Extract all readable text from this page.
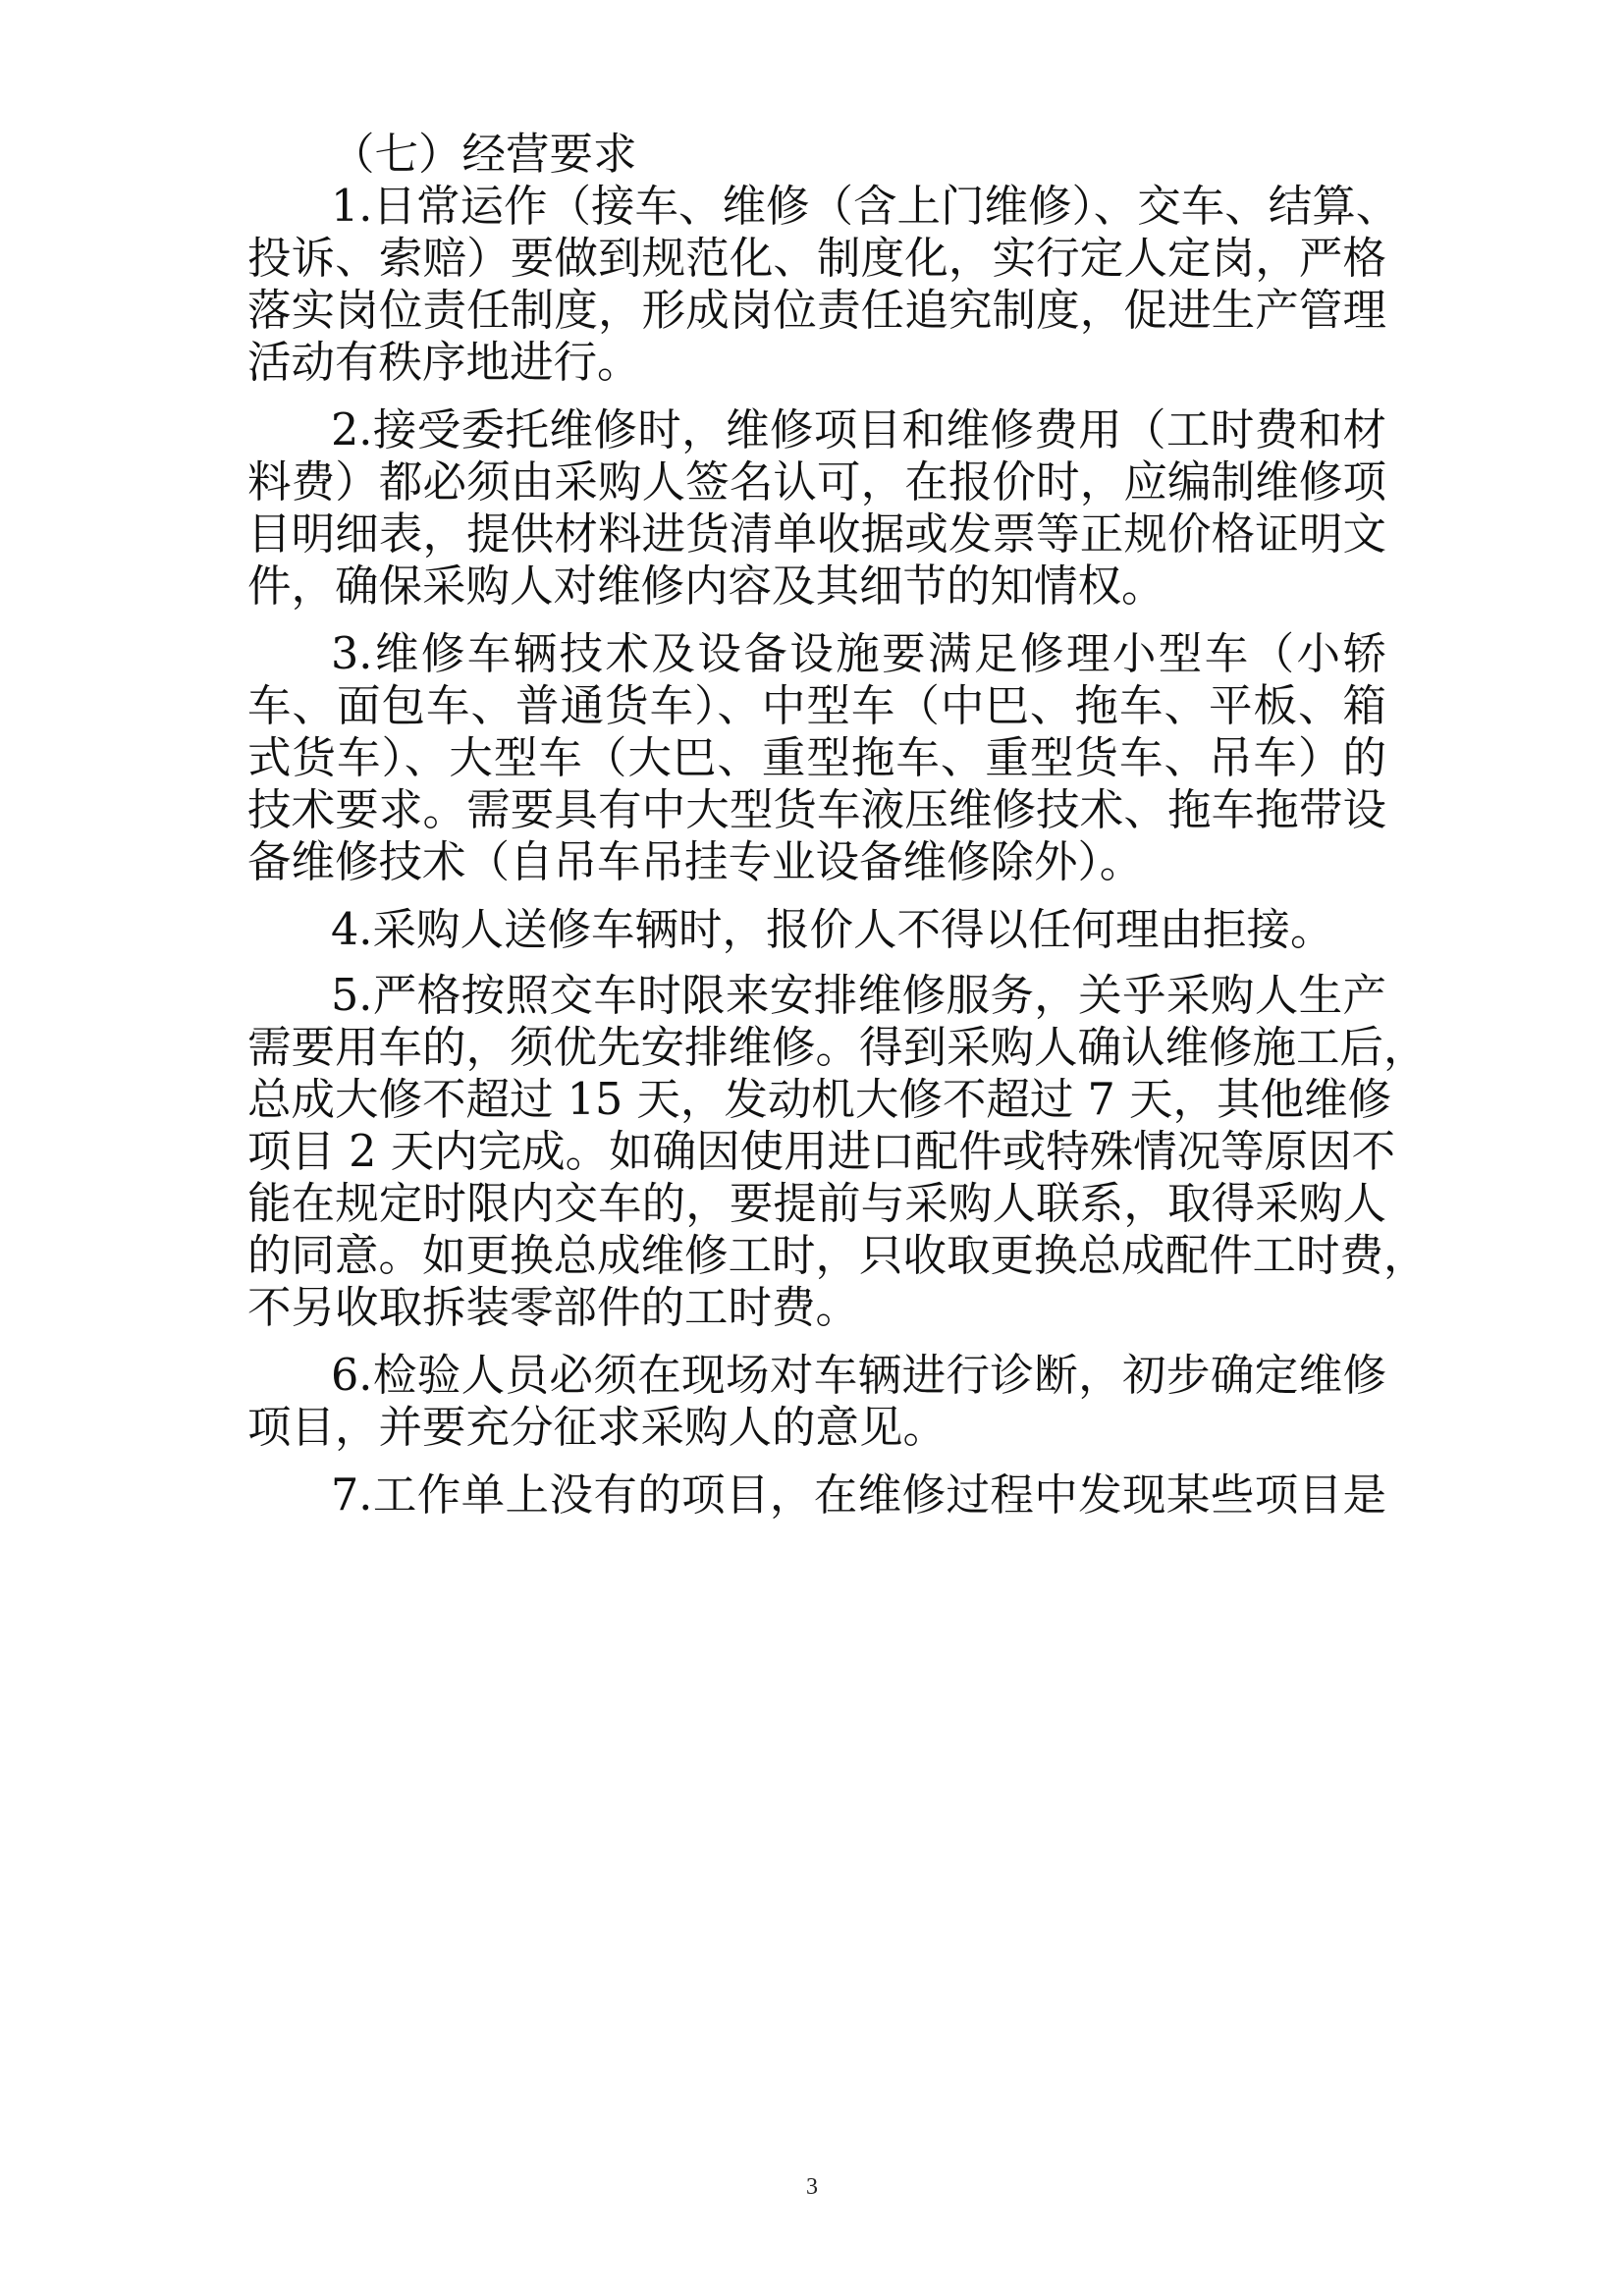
（七）经营要求
1.日常运作（接车、维修（含上门维修）、交车、结算、
投诉、索赔）要做到规范化、制度化，实行定人定岗，严格
落实岗位责任制度，形成岗位责任追究制度，促进生产管理
活动有秩序地进行。
2.接受委托维修时，维修项目和维修费用（工时费和材
料费）都必须由采购人签名认可，在报价时，应编制维修项
目明细表，提供材料进货清单收据或发票等正规价格证明文
件，确保采购人对维修内容及其细节的知情权。
3.维修车辆技术及设备设施要满足修理小型车（小轿
车、面包车、普通货车）、中型车（中巴、拖车、平板、箱
式货车）、大型车（大巴、重型拖车、重型货车、吊车）的
技术要求。需要具有中大型货车液压维修技术、拖车拖带设
备维修技术（自吊车吊挂专业设备维修除外）。
4.采购人送修车辆时，报价人不得以任何理由拒接。
5.严格按照交车时限来安排维修服务，关乎采购人生产
需要用车的，须优先安排维修。得到采购人确认维修施工后，
总成大修不超过 15 天，发动机大修不超过 7 天，其他维修
项目 2 天内完成。如确因使用进口配件或特殊情况等原因不
能在规定时限内交车的，要提前与采购人联系，取得采购人
的同意。如更换总成维修工时，只收取更换总成配件工时费，
不另收取拆装零部件的工时费。
6.检验人员必须在现场对车辆进行诊断，初步确定维修
项目，并要充分征求采购人的意见。
7.工作单上没有的项目，在维修过程中发现某些项目是
3
